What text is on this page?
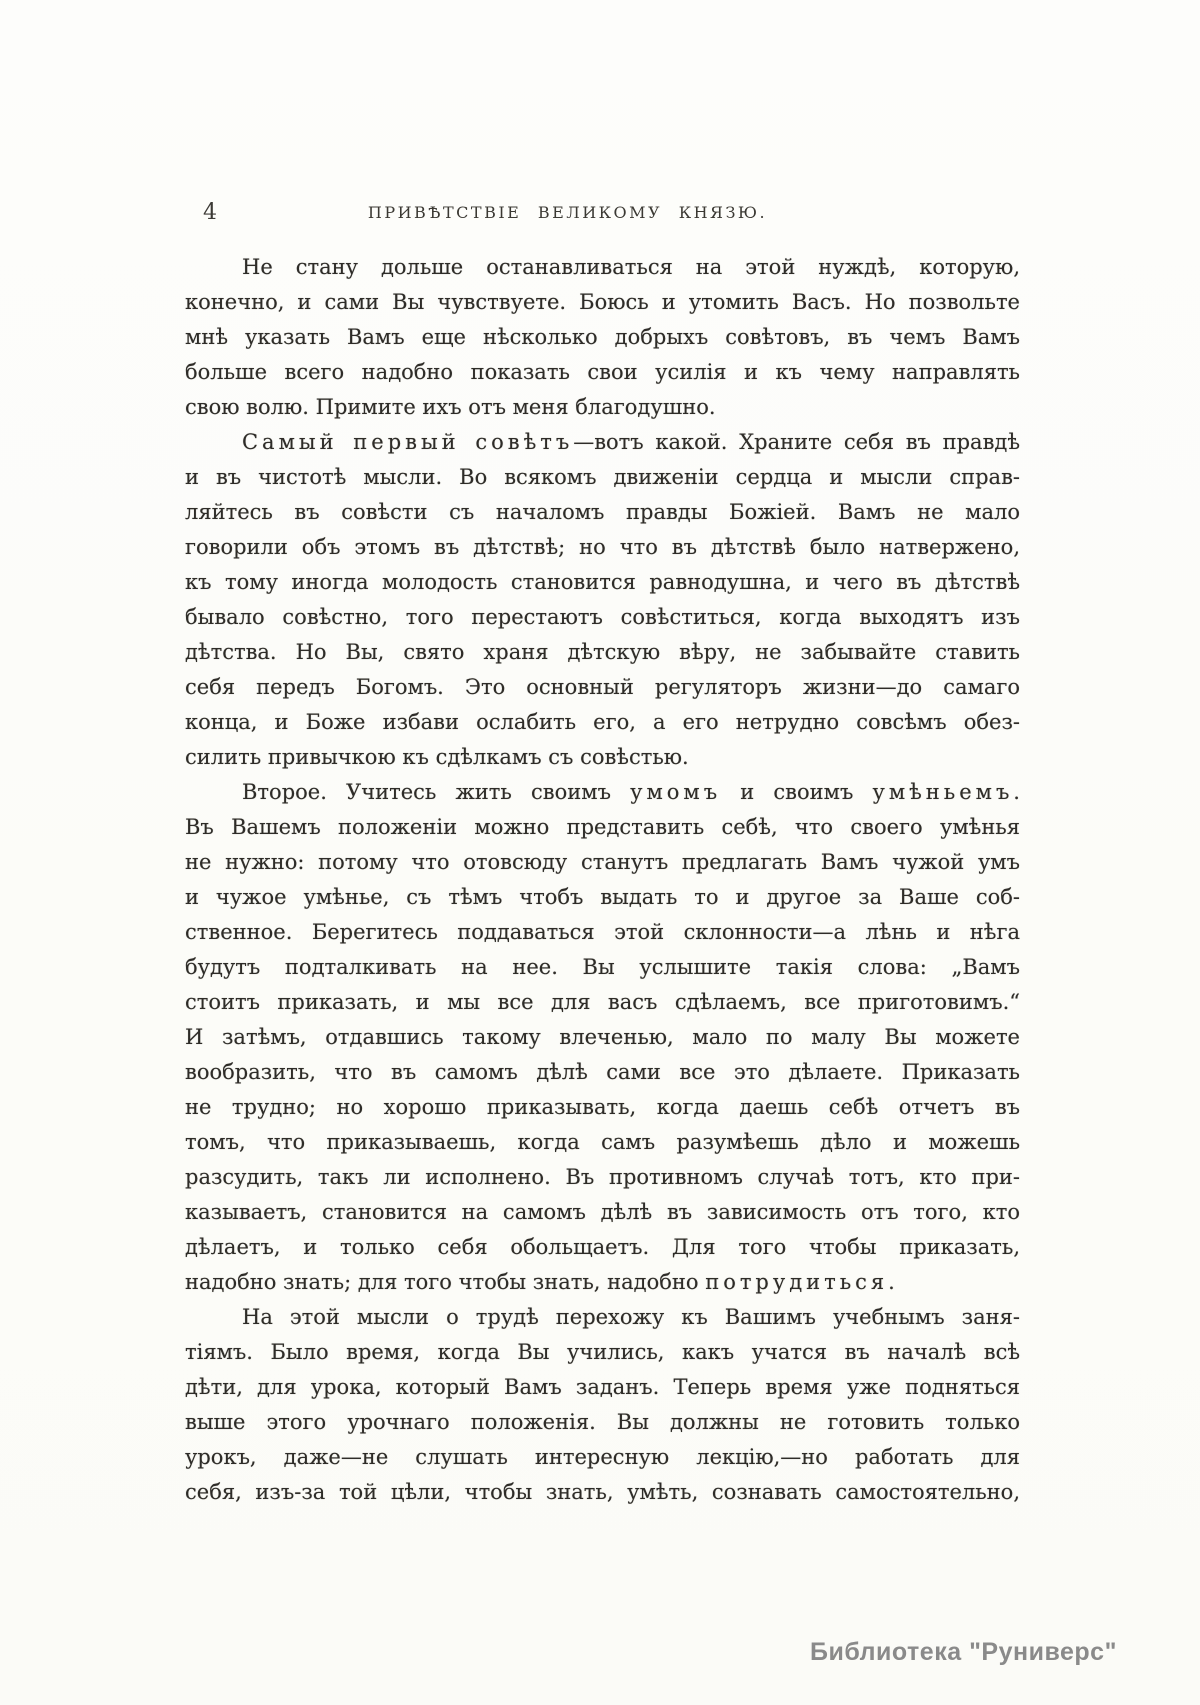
4	ПРИВѢТСТВІЕ ВЕЛИКОМУ КНЯЗЮ.
Не стану дольше останавливаться на этой нуждѣ, которую,
конечно, и сами Вы чувствуете. Боюсь и утомить Васъ. Но позвольте
мнѣ указать Вамъ еще нѣсколько добрыхъ совѣтовъ, въ чемъ Вамъ
больше всего надобно показать свои усилія и къ чему направлять
свою волю. Примите ихъ отъ меня благодушно.
Самый первый совѣтъ—вотъ какой. Храните себя въ правдѣ
и въ чистотѣ мысли. Во всякомъ движеніи сердца и мысли справ-
ляйтесь въ совѣсти съ началомъ правды Божіей. Вамъ не мало
говорили объ этомъ въ дѣтствѣ; но что въ дѣтствѣ было натвержено,
къ тому иногда молодость становится равнодушна, и чего въ дѣтствѣ
бывало совѣстно, того перестаютъ совѣститься, когда выходятъ изъ
дѣтства. Но Вы, свято храня дѣтскую вѣру, не забывайте ставить
себя передъ Богомъ. Это основный регуляторъ жизни—до самаго
конца, и Боже избави ослабить его, а его нетрудно совсѣмъ обез-
силить привычкою къ сдѣлкамъ съ совѣстью.
Второе. Учитесь жить своимъ умомъ и своимъ умѣньемъ.
Въ Вашемъ положеніи можно представить себѣ, что своего умѣнья
не нужно: потому что отовсюду станутъ предлагать Вамъ чужой умъ
и чужое умѣнье, съ тѣмъ чтобъ выдать то и другое за Ваше соб-
ственное. Берегитесь поддаваться этой склонности—а лѣнь и нѣга
будутъ подталкивать на нее. Вы услышите такія слова: „Вамъ
стоитъ приказать, и мы все для васъ сдѣлаемъ, все приготовимъ.“
И затѣмъ, отдавшись такому влеченью, мало по малу Вы можете
вообразить, что въ самомъ дѣлѣ сами все это дѣлаете. Приказать
не трудно; но хорошо приказывать, когда даешь себѣ отчетъ въ
томъ, что приказываешь, когда самъ разумѣешь дѣло и можешь
разсудить, такъ ли исполнено. Въ противномъ случаѣ тотъ, кто при-
казываетъ, становится на самомъ дѣлѣ въ зависимость отъ того, кто
дѣлаетъ, и только себя обольщаетъ. Для того чтобы приказать,
надобно знать; для того чтобы знать, надобно потрудиться.
На этой мысли о трудѣ перехожу къ Вашимъ учебнымъ заня-
тіямъ. Было время, когда Вы учились, какъ учатся въ началѣ всѣ
дѣти, для урока, который Вамъ заданъ. Теперь время уже подняться
выше этого урочнаго положенія. Вы должны не готовить только
урокъ, даже—не слушать интересную лекцію,—но работать для
себя, изъ-за той цѣли, чтобы знать, умѣть, сознавать самостоятельно,
Библиотека "Руниверс"
